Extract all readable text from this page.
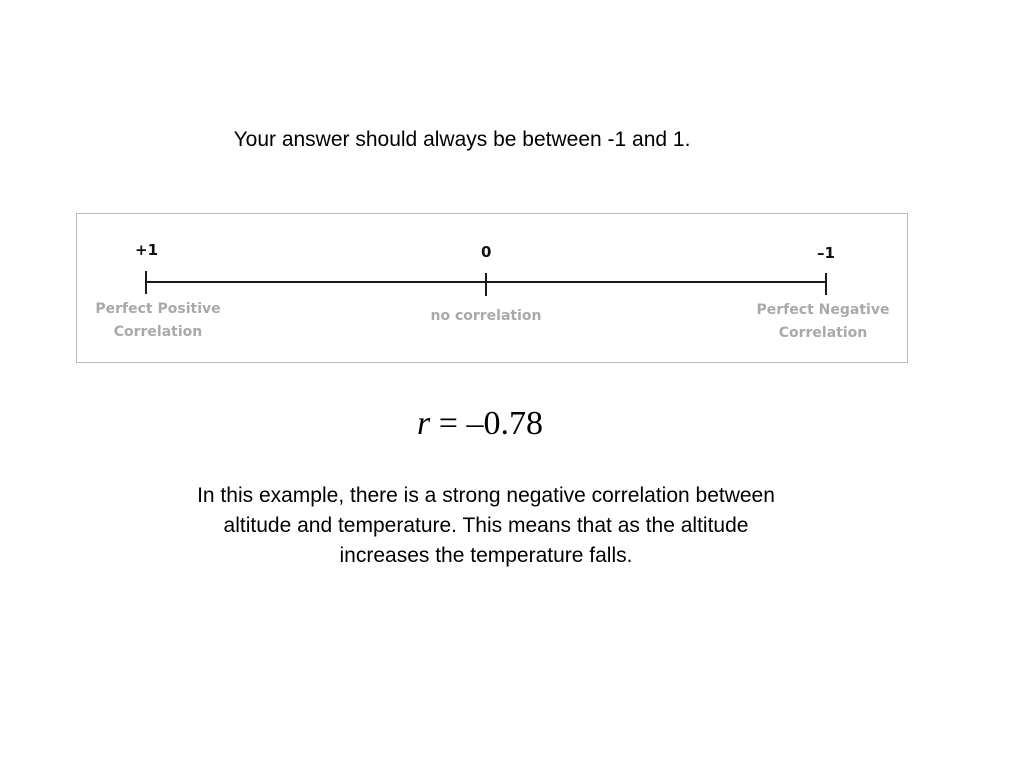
Your answer should always be between -1 and 1.
+1	0	–1
Perfect Positive
Correlation
no correlation	Perfect Negative
Correlation
r = –0.78
In this example, there is a strong negative correlation between
altitude and temperature. This means that as the altitude
increases the temperature falls.
